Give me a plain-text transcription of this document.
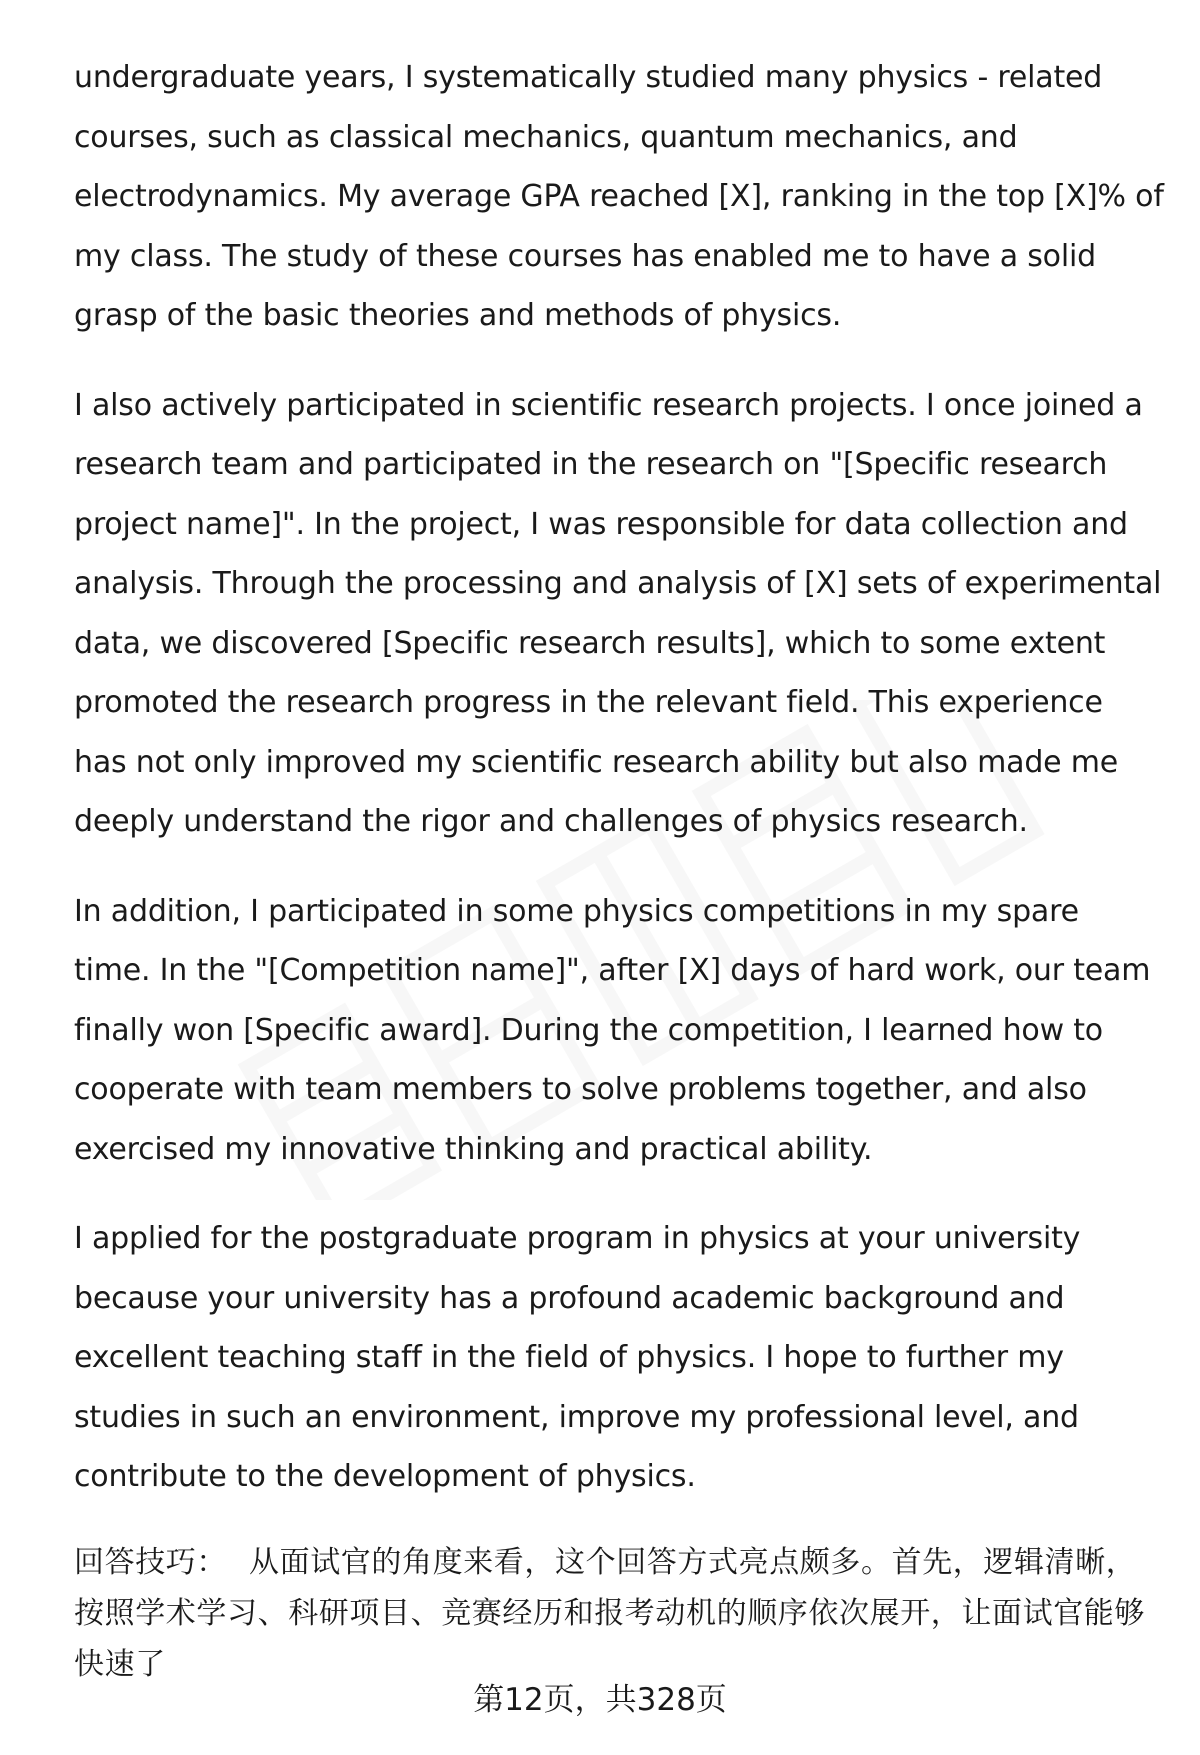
undergraduate years, I systematically studied many physics - related courses, such as classical mechanics, quantum mechanics, and electrodynamics. My average GPA reached [X], ranking in the top [X]% of my class. The study of these courses has enabled me to have a solid grasp of the basic theories and methods of physics.

I also actively participated in scientific research projects. I once joined a research team and participated in the research on "[Specific research project name]". In the project, I was responsible for data collection and analysis. Through the processing and analysis of [X] sets of experimental data, we discovered [Specific research results], which to some extent promoted the research progress in the relevant field. This experience has not only improved my scientific research ability but also made me deeply understand the rigor and challenges of physics research.

In addition, I participated in some physics competitions in my spare time. In the "[Competition name]", after [X] days of hard work, our team finally won [Specific award]. During the competition, I learned how to cooperate with team members to solve problems together, and also exercised my innovative thinking and practical ability.

I applied for the postgraduate program in physics at your university because your university has a profound academic background and excellent teaching staff in the field of physics. I hope to further my studies in such an environment, improve my professional level, and contribute to the development of physics.

回答技巧： 从面试官的角度来看，这个回答方式亮点颇多。首先，逻辑清晰，按照学术学习、科研项目、竞赛经历和报考动机的顺序依次展开，让面试官能够快速了

第12页，共328页
